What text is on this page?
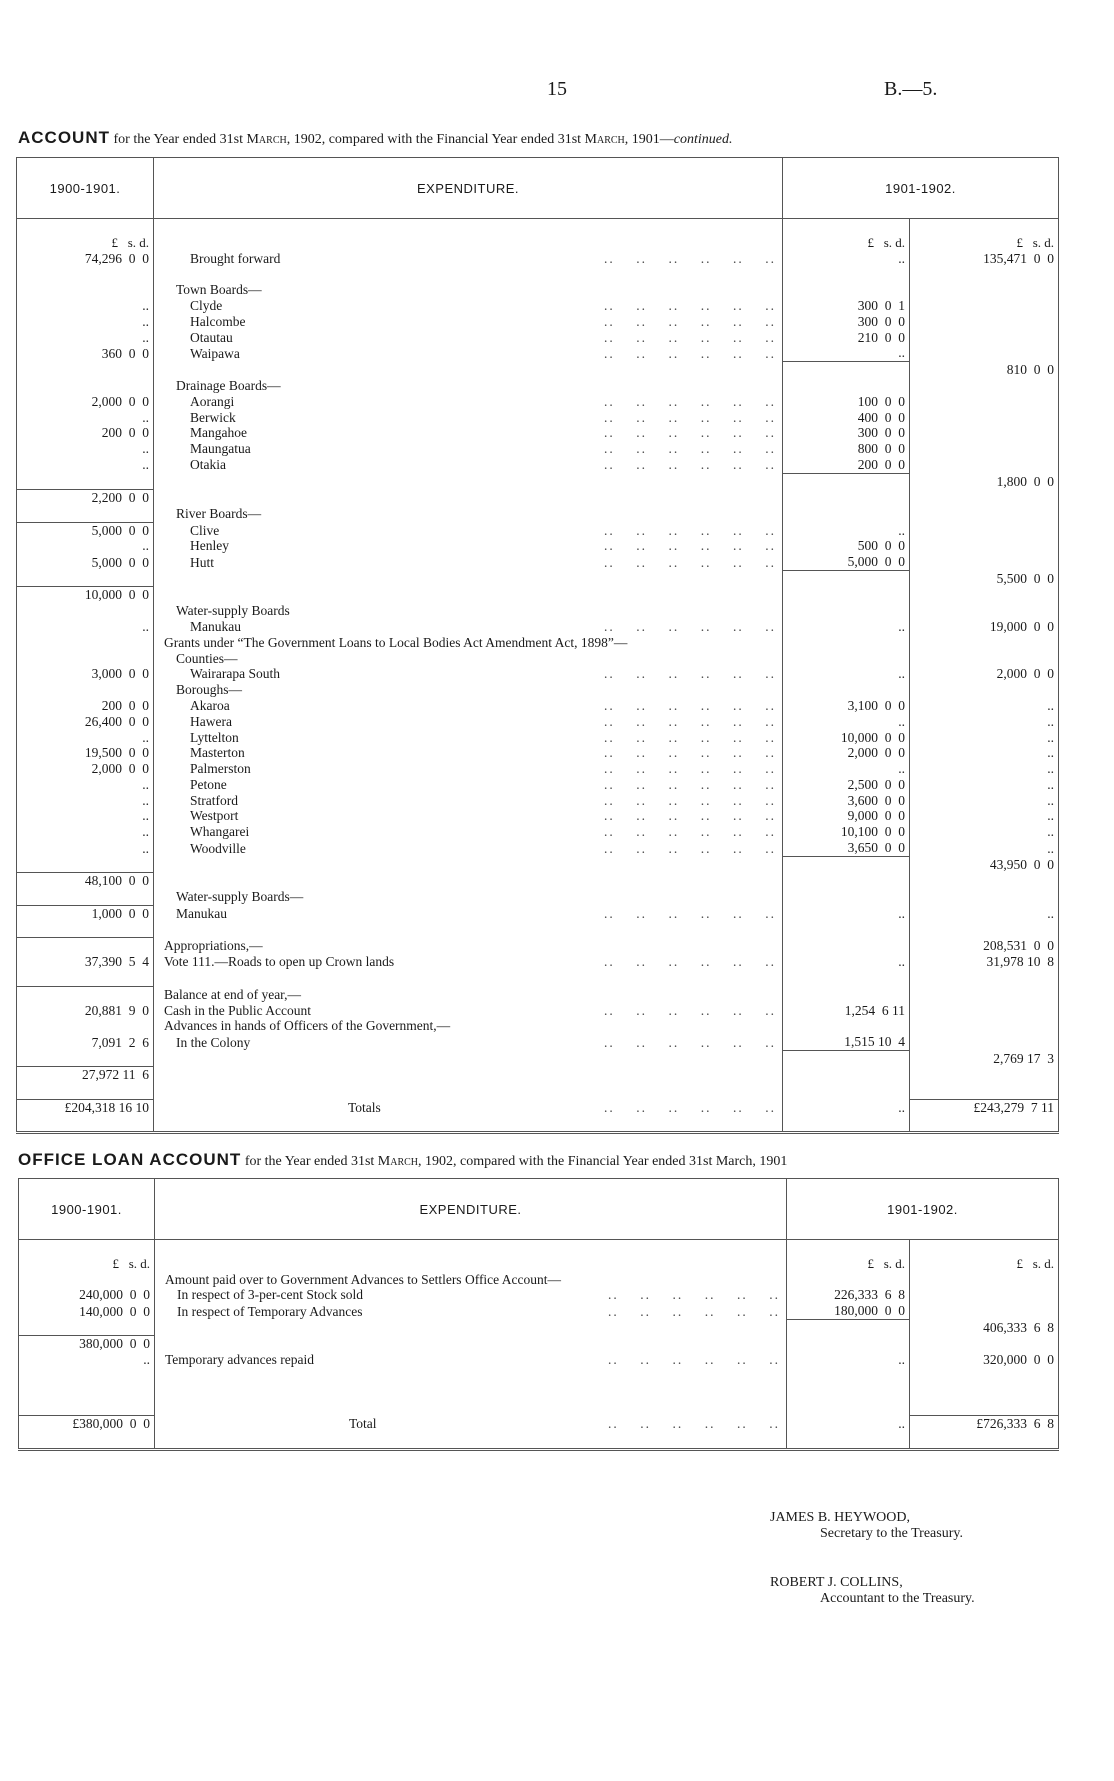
15	B.—5.
ACCOUNT for the Year ended 31st March, 1902, compared with the Financial Year ended 31st March, 1901—continued.
1900-1901.	EXPENDITURE.	1901-1902.	

£ s. d.		£ s. d.	£ s. d.
74,296  0  0	Brought forward ..    ..    ..    ..    ..    ..	..	135,471  0  0

	Town Boards—		
..	Clyde ..    ..    ..    ..    ..    ..	300  0  1	
..	Halcombe ..    ..    ..    ..    ..    ..	300  0  0	
..	Otautau ..    ..    ..    ..    ..    ..	210  0  0	
360  0  0	Waipawa ..    ..    ..    ..    ..    ..	..	
			810  0  0
	Drainage Boards—		
2,000  0  0	Aorangi ..    ..    ..    ..    ..    ..	100  0  0	
..	Berwick ..    ..    ..    ..    ..    ..	400  0  0	
200  0  0	Mangahoe ..    ..    ..    ..    ..    ..	300  0  0	
..	Maungatua ..    ..    ..    ..    ..    ..	800  0  0	
..	Otakia ..    ..    ..    ..    ..    ..	200  0  0	
			1,800  0  0
2,200  0  0			
	River Boards—		
5,000  0  0	Clive ..    ..    ..    ..    ..    ..	..	
..	Henley ..    ..    ..    ..    ..    ..	500  0  0	
5,000  0  0	Hutt ..    ..    ..    ..    ..    ..	5,000  0  0	
			5,500  0  0
10,000  0  0			
	Water-supply Boards		
..	Manukau ..    ..    ..    ..    ..    ..	..	19,000  0  0
	Grants under “The Government Loans to Local Bodies Act Amendment Act, 1898”—		
	Counties—		
3,000  0  0	Wairarapa South ..    ..    ..    ..    ..    ..	..	2,000  0  0
	Boroughs—		
200  0  0	Akaroa ..    ..    ..    ..    ..    ..	3,100  0  0	..
26,400  0  0	Hawera ..    ..    ..    ..    ..    ..	..	..
..	Lyttelton ..    ..    ..    ..    ..    ..	10,000  0  0	..
19,500  0  0	Masterton ..    ..    ..    ..    ..    ..	2,000  0  0	..
2,000  0  0	Palmerston ..    ..    ..    ..    ..    ..	..	..
..	Petone ..    ..    ..    ..    ..    ..	2,500  0  0	..
..	Stratford ..    ..    ..    ..    ..    ..	3,600  0  0	..
..	Westport ..    ..    ..    ..    ..    ..	9,000  0  0	..
..	Whangarei ..    ..    ..    ..    ..    ..	10,100  0  0	..
..	Woodville ..    ..    ..    ..    ..    ..	3,650  0  0	..
			43,950  0  0
48,100  0  0			
	Water-supply Boards—		
1,000  0  0	Manukau ..    ..    ..    ..    ..    ..	..	..

	Appropriations,—		208,531  0  0
37,390  5  4	Vote 111.—Roads to open up Crown lands ..    ..    ..    ..    ..    ..	..	31,978 10  8

	Balance at end of year,—		
20,881  9  0	Cash in the Public Account ..    ..    ..    ..    ..    ..	1,254  6 11	
	Advances in hands of Officers of the Government,—		
7,091  2  6	In the Colony ..    ..    ..    ..    ..    ..	1,515 10  4	
			2,769 17  3
27,972 11  6			

£204,318 16 10	Totals ..    ..    ..    ..    ..    ..	..	£243,279  7 11

OFFICE LOAN ACCOUNT for the Year ended 31st March, 1902, compared with the Financial Year ended 31st March, 1901
1900-1901.	EXPENDITURE.	1901-1902.	

£ s. d.		£ s. d.	£ s. d.
	Amount paid over to Government Advances to Settlers Office Account—		
240,000  0  0	In respect of 3-per-cent Stock sold ..    ..    ..    ..    ..    ..	226,333  6  8	
140,000  0  0	In respect of Temporary Advances ..    ..    ..    ..    ..    ..	180,000  0  0	
			406,333  6  8
380,000  0  0			
..	Temporary advances repaid ..    ..    ..    ..    ..    ..	..	320,000  0  0

£380,000  0  0	Total ..    ..    ..    ..    ..    ..	..	£726,333  6  8

JAMES B. HEYWOOD,
Secretary to the Treasury.
ROBERT J. COLLINS,
Accountant to the Treasury.
